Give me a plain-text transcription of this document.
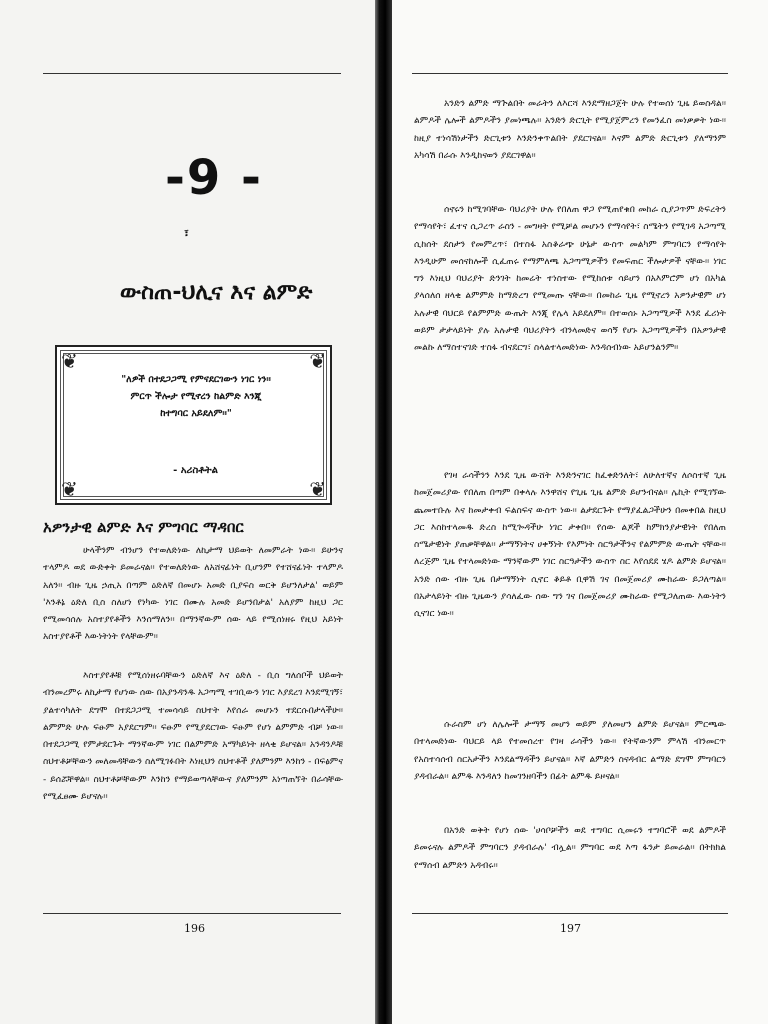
-9 -
፣
ውስጠ-ህሊና እና ልምድ
❦	❦
❦	❦
"ለዎች በተደጋጋሚ የምናደርገውን ነገር ነን፡፡
ምርጥ ችሎታ የሚኖረን ከልምድ እንጂ
ከተግባር አይደለም፡፡"
- አሪስቶትል
አዎንታዊ ልምድ እና ምግባር ማዳበር

ሁላችንም ብንሆን የተወለድነው ለኪታማ ህይወት ለመምራት ነው፡፡ ይሁንና ተላምዶ ወደ ውድቀት ይመራናል፡፡ የተወለድነው ለአሸናፊነት ቢሆንም የተሸናፊነት ተላምዶ አለን፡፡ ብዙ ጊዜ ኃጢአ በጣም ዕድለኛ በመሆኑ አመድ ቢያፍስ ወርቅ ይሆንለታል' ወይም 'እንቶኔ ዕድለ ቢስ ስለሆነ የነካው ነገር በሙሉ አመድ ይሆንበታል' አለያም ከዚህ ጋር የሚመሳሰሉ አስተያየቶችን እንሰማለን፡፡ በማንኛውም ሰው ላይ የሚሰነዘሩ የዚህ አይነት አስተያየቶች እውነትነት የላቸውም፡፡

እስተያየቶቹ የሚሰነዘሩባቸውን ዕድለኛ እና ዕድለ - ቢስ ግለሰቦች ህይወት ብንመረምሩ ለኪታማ የሆነው ሰው በአያንዳንዱ አጋጣሚ ተገቢውን ነገር እያደረገ እንደሚገኝ፣ ያልተሳካለት ደግሞ በተደጋጋሚ ተመሳሳይ ስህተት እየሰራ መሆኑን ተደርሱበታላችሁ፡፡ ልምምድ ሁሉ ፍፁም አያደርግም፡፡ ፍፁም የሚያደርገው ፍፁም የሆነ ልምምድ ብቻ ነው፡፡ በተደጋጋሚ የምታደርጉት ማንኛውም ነገር በልምምድ አማካይነት ዘላቂ ይሆናል፡፡ አንዳንዶቹ ስህተቶቻቸውን መለመዳቸውን ስለሚገፉበት እነዚህን ስህተቶች ያለምንም እንከን - በፍፅምና - ይሰሯቸዋል፡፡ ስህተቶቻቸውም እንከን የማይወጣላቸውና ያለምንም አነጣጠኘት በራሳቸው የሚፈፀሙ ይሆናሉ፡፡

196

አንድን ልምድ ማጕልበት መራትን ለእርሻ እንደማዘጋጀት ሁሉ የተወሰነ ጊዜ ይወስዳል፡፡ ልምዶች ሌሎች ልምዶችን ያመነጫሉ፡፡ አንድን ድርጊት የሚያጀምረን የመንፈስ መነቃቃት ነው፡፡ ከዚያ ተነሳሽነታችን ድርጊቱን እንድንቀጥልበት ያደርገናል፡፡ እናም ልምድ ድርጊቱን ያለማንም አካሳሽ በራሱ እንዲከናወን ያደርገዋል፡፡

ሰኖሩን ከሚገባቸው ባህሪያት ሁሉ የበለጠ ዋጋ የሚጠየቁበ መከራ ሲያጋጥም ድፍረትን የማሳየት፣ ፈተና ሲጋረጥ ራስን - መግዛት የሚቻል መሆኑን የማሳየት፣ ስሜትን የሚገዳ አጋጣሚ ሲከሰት ደስታን የመምረጥ፣ በተስፋ አስቆራጭ ሁኔታ ውስጥ መልካም ምግባርን የማሳየት እንዲሁም መሰናከሎች ሲፈጠሩ የማምለጫ አጋጣሚዎችን የመፍጠር ችሎታዎች ናቸው፡፡ ነገር ግን እነዚህ ባህሪያት ድንገት ከመሬት ተነስተው የሚከሰቱ ሳይሆን በአእምሮም ሆነ በአካል ያላሰለሰ ዘላቂ ልምምድ ከማድረግ የሚመጡ ናቸው፡፡ በመከራ ጊዜ የሚኖረን አዎንታዊም ሆነ አሉታዊ ባህርይ የልምምድ ውጤት እንጂ የሌላ አይደለም፡፡ በተወሰኑ አጋጣሚዎች እንደ ፈሪነት ወይም ታታላይነት ያሉ አሉታዊ ባህሪያትን ብንላመድና ወሳኝ የሆኑ አጋጣሚዎችን በአዎንታዊ መልኩ ለማስተናገድ ተስፋ ብናደርግ፣ ስላልተላመድነው እንዳሰብነው አይሆንልንም፡፡

የገዛ ራሳችንን እንደ ጊዜ ውሸት እንድንናገር ከፈቀድንለት፣ ለሁለተኛና ለሶስተኛ ጊዜ ከመጀመሪያው የበለጠ በጣም በቀላሉ እንዋሸና የጊዜ ጊዜ ልምድ ይሆንብናል፡፡ ሌኪት የሚገኘው ጨመተቡሉ እና ከመታቀብ ፍልስፍና ውስጥ ነው፡፡ ልታደርጉት የማያፈልጋችሁን በመቀበል ከዚህ ጋር እስከተላመዱ ድረስ ከሚጐዳችሁ ነገር ታቀበ፡፡ የሰው ልጆች ከምክንያታዊነት የበለጠ ስሜታዊነት ያጠቃቸዋል፡፡ ታማኝነትና ሀቀኝነት የእምነት ስርዓታችንና የልምምድ ውጤት ናቸው፡፡ ለረጅም ጊዜ የተላመድነው ማንኛውም ነገር ስርዓታችን ውስጥ ስር እየሰደደ ሄዶ ልምድ ይሆናል፡፡ አንድ ሰው ብዙ ጊዜ በታማኝነት ሲኖር ቆይቶ ቢዋሽ ገና በመጀመሪያ ሙከራው ይጋለጣል፡፡ በአታላይነት ብዙ ጊዜውን ያሳለፈው ሰው ግን ገና በመጀመሪያ ሙከራው የሚጋለጠው እውነትን ሲናገር ነው፡፡

ሱራስም ሆነ ለሌሎች ታማኝ መሆን ወይም ያለመሆን ልምድ ይሆናል፡፡ ምርጫው በተላመድነው ባህርይ ላይ የተመሰረተ የገዛ ራሳችን ነው፡፡ የትኛውንም ምላሽ ብንመርጥ የአስተሳሰብ ስርአታችን እንደልማዳችን ይሆናል፡፡ እኛ ልምድን ስናዳብር ልማድ ደግሞ ምግባርን ያዳብራል፡፡ ልምዱ እንዳለን ከመገንዘባችን በፊት ልምዱ ይዞናል፡፡

በአንድ ወቅት የሆነ ሰው 'ሀሳቦቻችን ወደ ተግባር ሲመሩን ተግባሮች ወደ ልምዶች ይመሩናሉ ልምዶች ምግባርን ያዳብራሉ' ብሏል፡፡ ምግባር ወደ እጣ ፋንታ ይመራል፡፡ በትክክል የማሰብ ልምድን አዳብሩ፡፡

197
